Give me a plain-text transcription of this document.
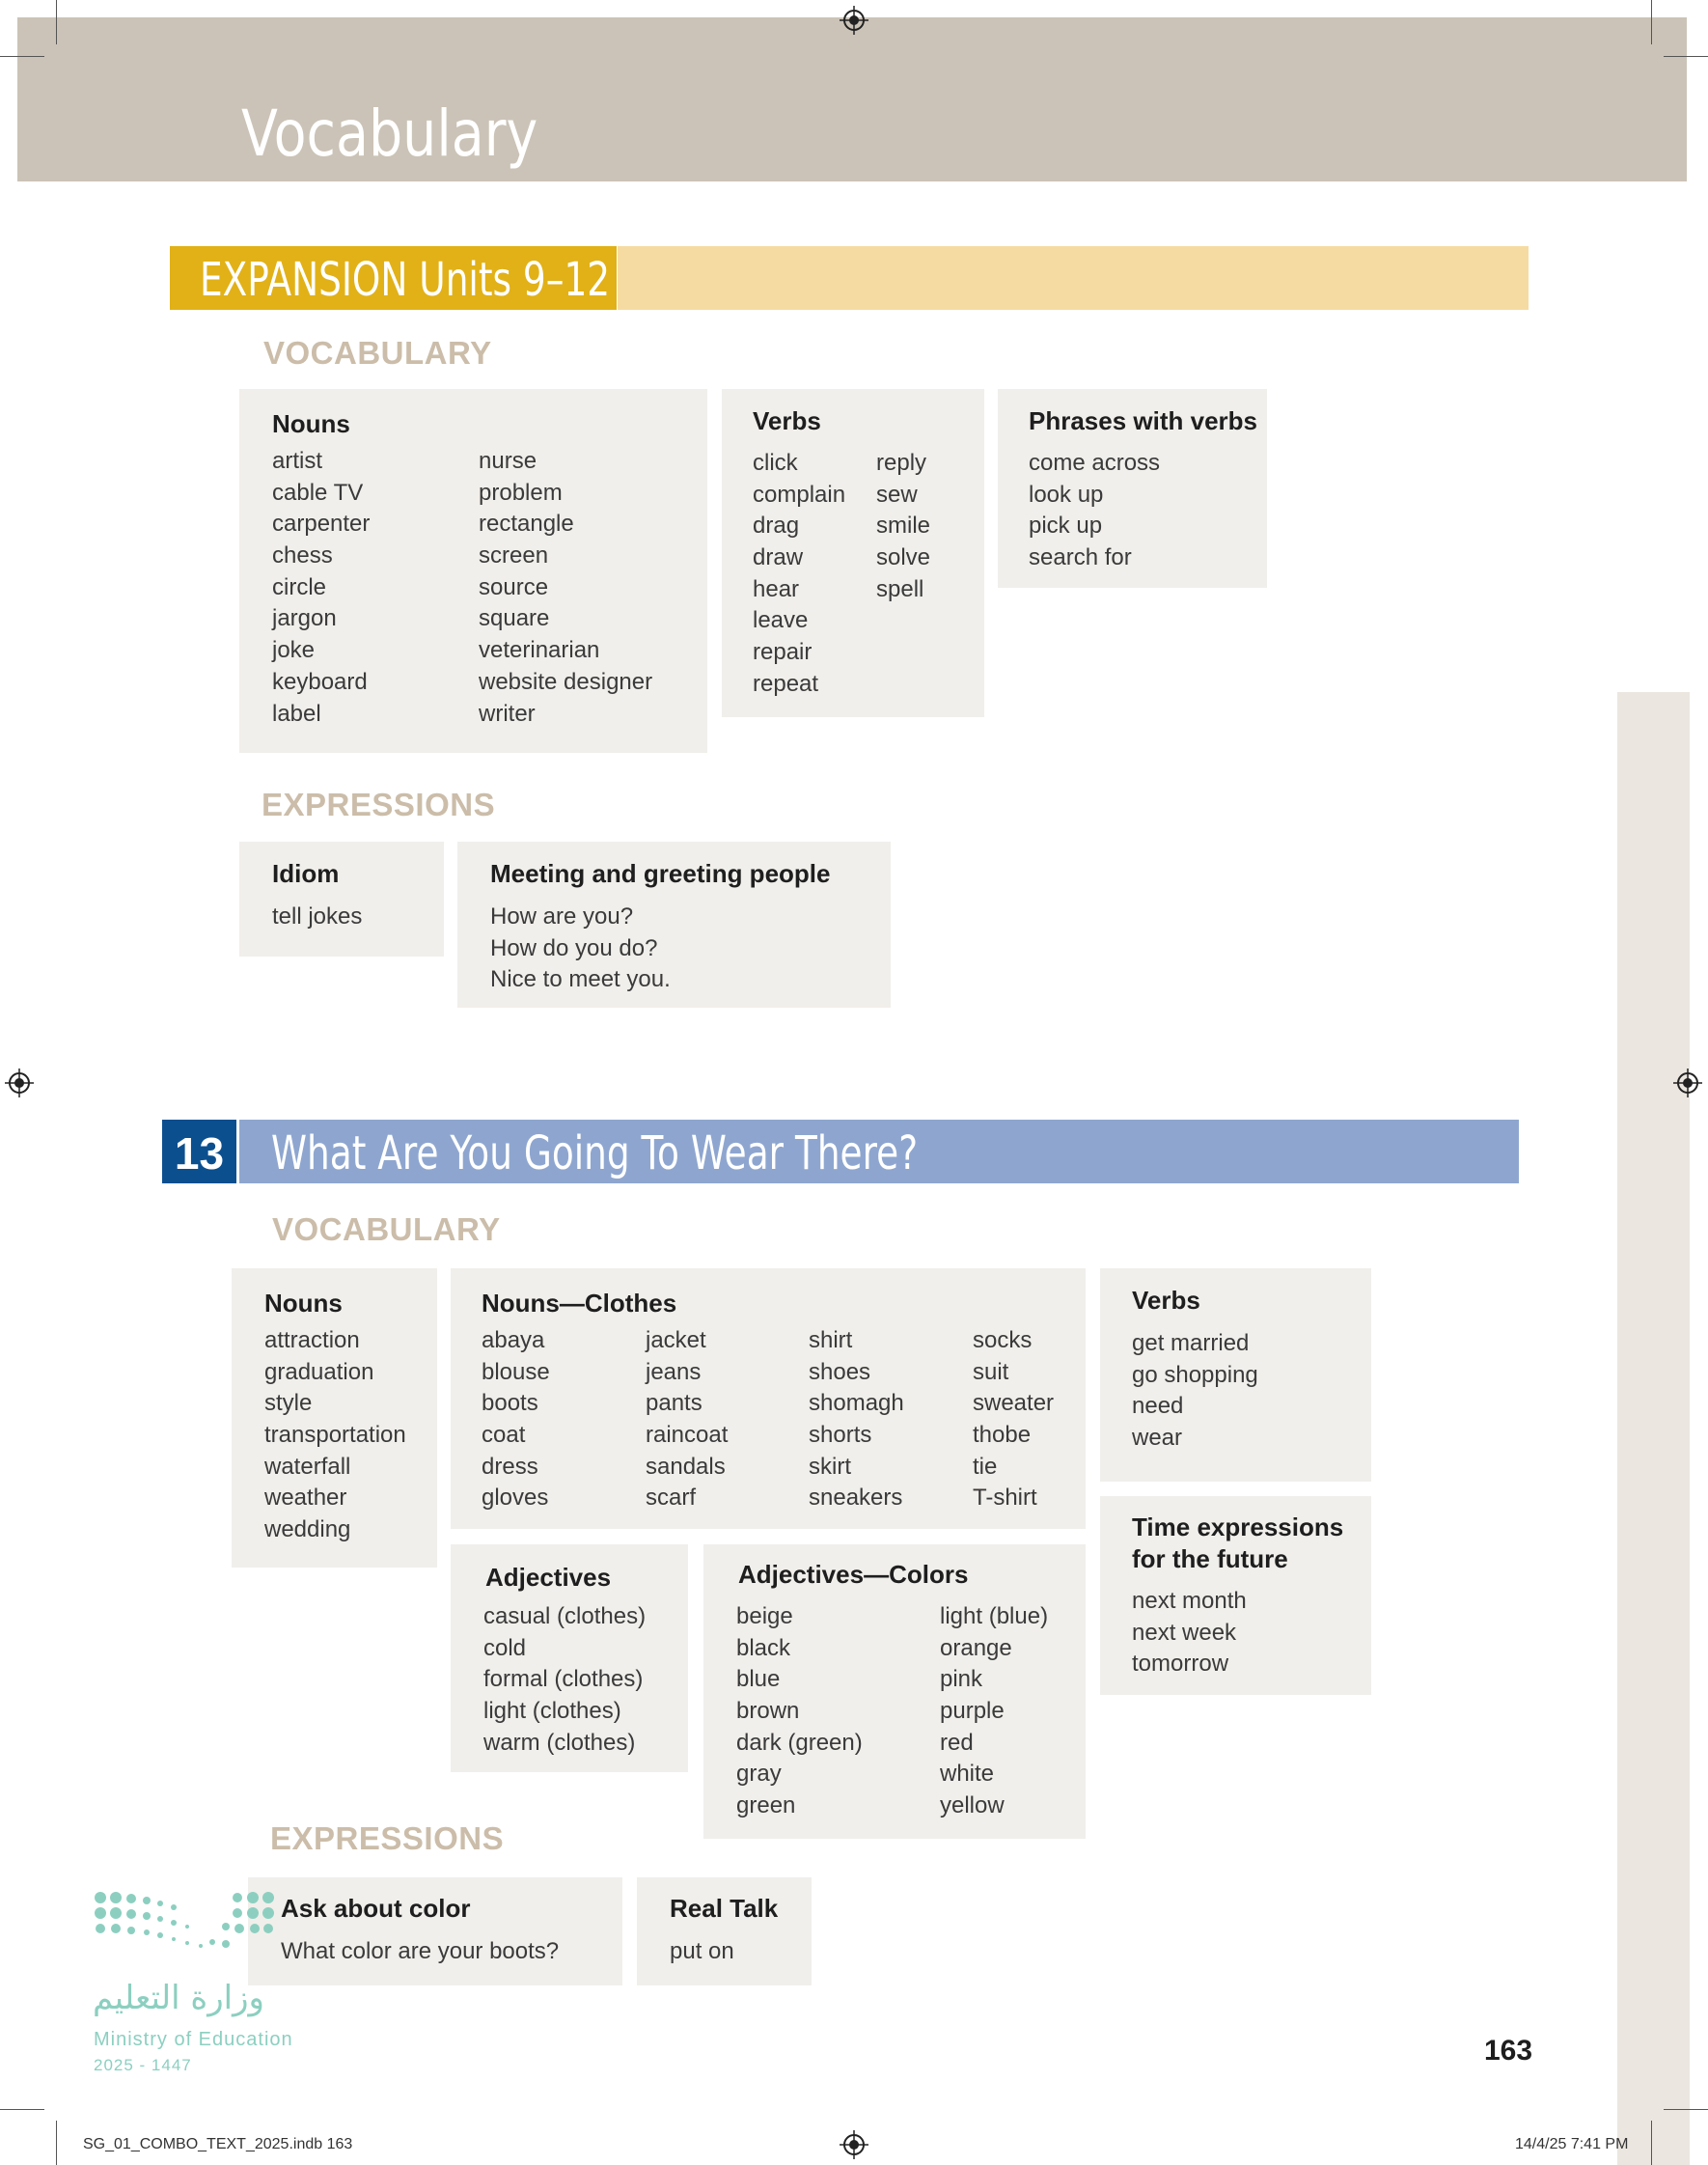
Vocabulary
EXPANSION Units 9–12
VOCABULARY
Nouns
artist
cable TV
carpenter
chess
circle
jargon
joke
keyboard
label
nurse
problem
rectangle
screen
source
square
veterinarian
website designer
writer
Verbs
click
complain
drag
draw
hear
leave
repair
repeat
reply
sew
smile
solve
spell
Phrases with verbs
come across
look up
pick up
search for
EXPRESSIONS
Idiom
tell jokes
Meeting and greeting people
How are you?
How do you do?
Nice to meet you.
13 What Are You Going To Wear There?
VOCABULARY
Nouns
attraction
graduation
style
transportation
waterfall
weather
wedding
Nouns—Clothes
abaya
blouse
boots
coat
dress
gloves
jacket
jeans
pants
raincoat
sandals
scarf
shirt
shoes
shomagh
shorts
skirt
sneakers
socks
suit
sweater
thobe
tie
T-shirt
Verbs
get married
go shopping
need
wear
Time expressions
for the future
next month
next week
tomorrow
Adjectives
casual (clothes)
cold
formal (clothes)
light (clothes)
warm (clothes)
Adjectives—Colors
beige
black
blue
brown
dark (green)
gray
green
light (blue)
orange
pink
purple
red
white
yellow
EXPRESSIONS
Ask about color
What color are your boots?
Real Talk
put on
وزارة التعليم
Ministry of Education
2025 - 1447	163
SG_01_COMBO_TEXT_2025.indb 163	14/4/25 7:41 PM
